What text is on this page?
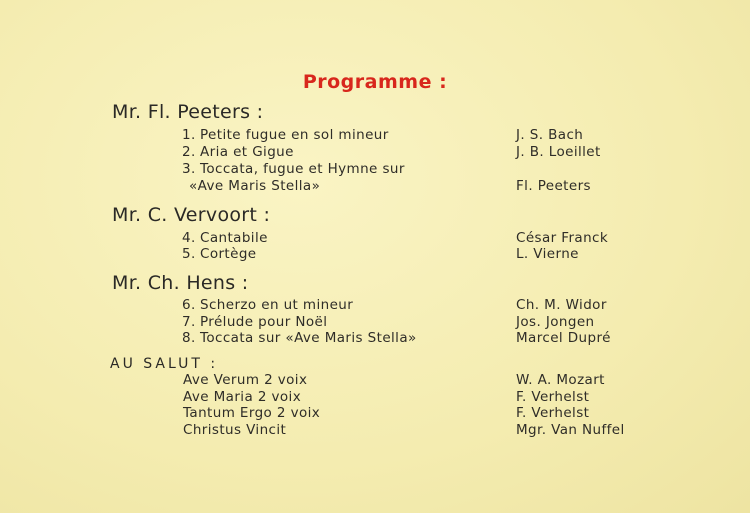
Programme :
Mr. Fl. Peeters :
1. Petite fugue en sol mineur	J. S. Bach
2. Aria et Gigue	J. B. Loeillet
3. Toccata, fugue et Hymne sur
«Ave Maris Stella»	Fl. Peeters
Mr. C. Vervoort :
4. Cantabile	César Franck
5. Cortège	L. Vierne
Mr. Ch. Hens :
6. Scherzo en ut mineur	Ch. M. Widor
7. Prélude pour Noël	Jos. Jongen
8. Toccata sur «Ave Maris Stella»	Marcel Dupré
AU SALUT :
Ave Verum 2 voix	W. A. Mozart
Ave Maria 2 voix	F. Verhelst
Tantum Ergo 2 voix	F. Verhelst
Christus Vincit	Mgr. Van Nuffel
